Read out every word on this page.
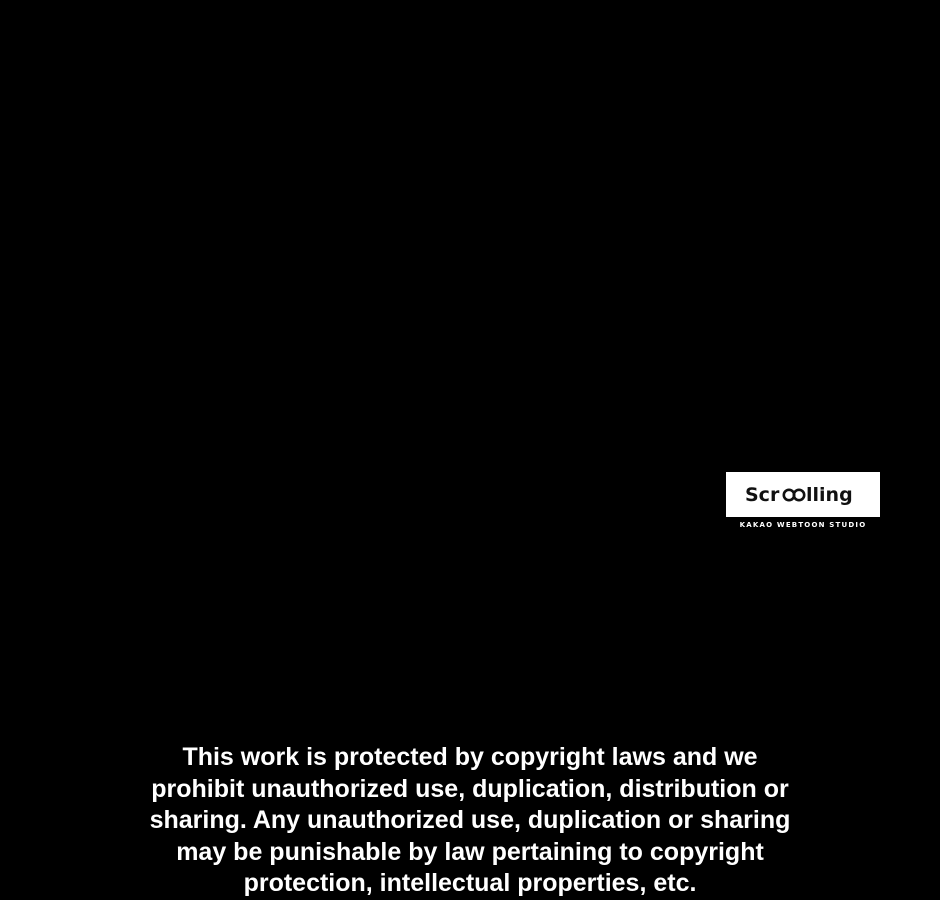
Scr lling
KAKAO WEBTOON STUDIO
This work is protected by copyright laws and we
prohibit unauthorized use, duplication, distribution or
sharing. Any unauthorized use, duplication or sharing
may be punishable by law pertaining to copyright
protection, intellectual properties, etc.
